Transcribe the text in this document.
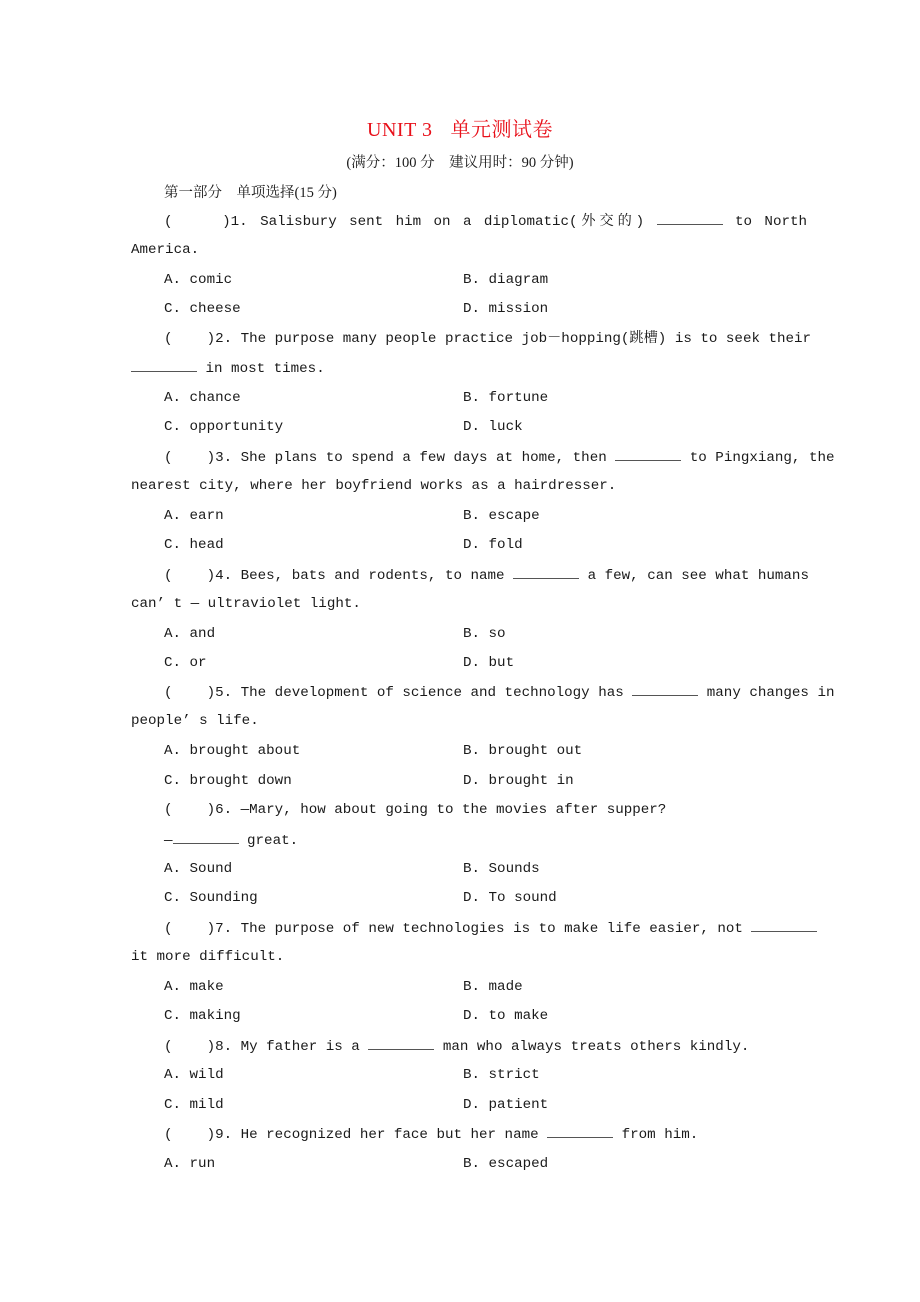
UNIT 3 单元测试卷
(满分：100 分　建议用时：90 分钟)
第一部分　单项选择(15 分)
(    )1. Salisbury sent him on a diplomatic(外交的)	to North
America.
A. comic	B. diagram
C. cheese	D. mission
(    )2. The purpose many people practice job－hopping(跳槽) is to seek their
in most times.
A. chance	B. fortune
C. opportunity	D. luck
(    )3. She plans to spend a few days at home, then	to Pingxiang, the
nearest city, where her boyfriend works as a hairdresser.
A. earn	B. escape
C. head	D. fold
(    )4. Bees, bats and rodents, to name	a few, can see what humans
can’ t — ultraviolet light.
A. and	B. so
C. or	D. but
(    )5. The development of science and technology has	many changes in
people’ s life.
A. brought about	B. brought out
C. brought down	D. brought in
(    )6. —Mary, how about going to the movies after supper?
—	great.
A. Sound	B. Sounds
C. Sounding	D. To sound
(    )7. The purpose of new technologies is to make life easier, not
it more difficult.
A. make	B. made
C. making	D. to make
(    )8. My father is a	man who always treats others kindly.
A. wild	B. strict
C. mild	D. patient
(    )9. He recognized her face but her name	from him.
A. run	B. escaped
